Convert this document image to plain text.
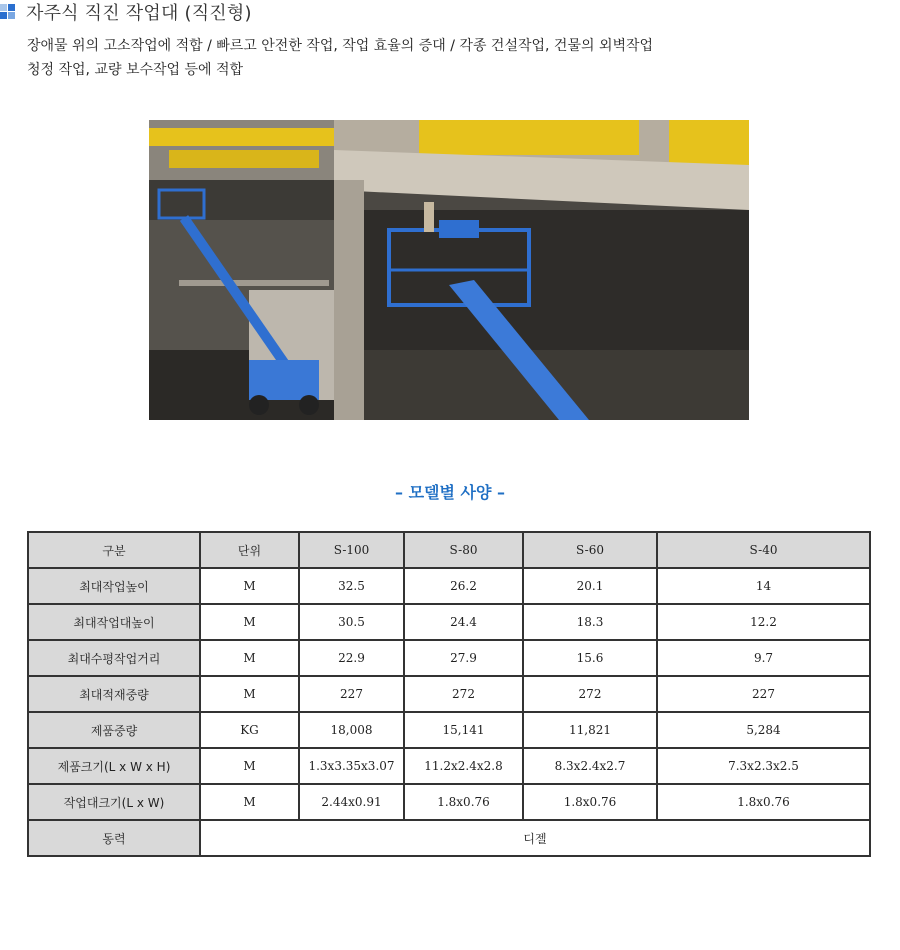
자주식 직진 작업대 (직진형)
장애물 위의 고소작업에 적합 / 빠르고 안전한 작업, 작업 효율의 증대 / 각종 건설작업, 건물의 외벽작업
청정 작업, 교량 보수작업 등에 적합
– 모델별 사양 –
구분	단위	S-100	S-80	S-60	S-40
최대작업높이	M	32.5	26.2	20.1	14
최대작업대높이	M	30.5	24.4	18.3	12.2
최대수평작업거리	M	22.9	27.9	15.6	9.7
최대적재중량	M	227	272	272	227
제품중량	KG	18,008	15,141	11,821	5,284
제품크기(L x W x H)	M	1.3x3.35x3.07	11.2x2.4x2.8	8.3x2.4x2.7	7.3x2.3x2.5
작업대크기(L x W)	M	2.44x0.91	1.8x0.76	1.8x0.76	1.8x0.76
동력	디젤				
